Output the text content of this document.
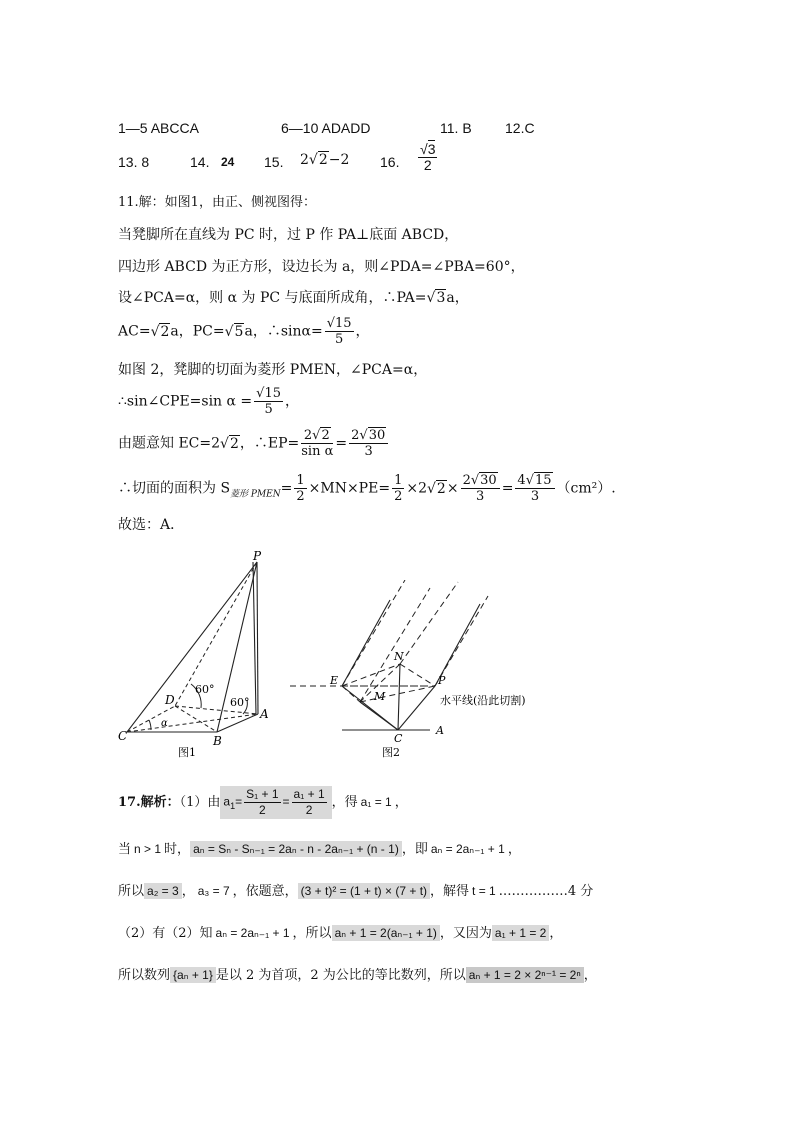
1—5 ABCCA	6—10 ADADD	11. B 12.C
13. 8	14. 24 15. 2√2−2 16. $\frac{√3}{2}$
11.解：如图1，由正、侧视图得：
当凳脚所在直线为 PC 时，过 P 作 PA⊥底面 ABCD，
四边形 ABCD 为正方形，设边长为 a，则∠PDA=∠PBA=60°，
设∠PCA=α，则 α 为 PC 与底面所成角，∴PA=√3a，
AC=√2a，PC=√5a，∴sinα= $\frac{√15}{5}$ ，
如图 2，凳脚的切面为菱形 PMEN，∠PCA=α，
∴sin∠CPE=sin $\alpha = \frac{√15}{5}$ ，
由题意知 EC=2√2，∴EP= $\frac{2√2}{\text{sin α}} = \frac{2√30}{3}$
∴切面的面积为 $S_{菱形 PMEN}= \frac{1}{2} \times MN\times PE= \frac{1}{2} \times 2√2\times \frac{2√30}{3} = \frac{4√15}{3} (cm^2)$.
故选：A．
P
D
C	B
A
60°
60°
α
图1
E
N
P
M
C
A
水平线(沿此切割)
图2
17.解析：（1）由 $a_1= \frac{\text{S₁ + 1}}{2} = \frac{\text{a₁ + 1}}{2}$ ，得 a₁ = 1 ，
当 n > 1 时， aₙ = Sₙ - Sₙ₋₁ = 2aₙ - n - 2aₙ₋₁ + (n - 1) ，即 aₙ = 2aₙ₋₁ + 1 ，
所以 a₂ = 3 ， a₃ = 7 ，依题意， (3 + t)² = (1 + t) × (7 + t) ，解得 t = 1 .……………4 分
（2）有（2）知 aₙ = 2aₙ₋₁ + 1 ，所以 aₙ + 1 = 2(aₙ₋₁ + 1) ，又因为 a₁ + 1 = 2 ，
所以数列 {aₙ + 1} 是以 2 为首项，2 为公比的等比数列，所以 aₙ + 1 = 2 × 2ⁿ⁻¹ = 2ⁿ ，
